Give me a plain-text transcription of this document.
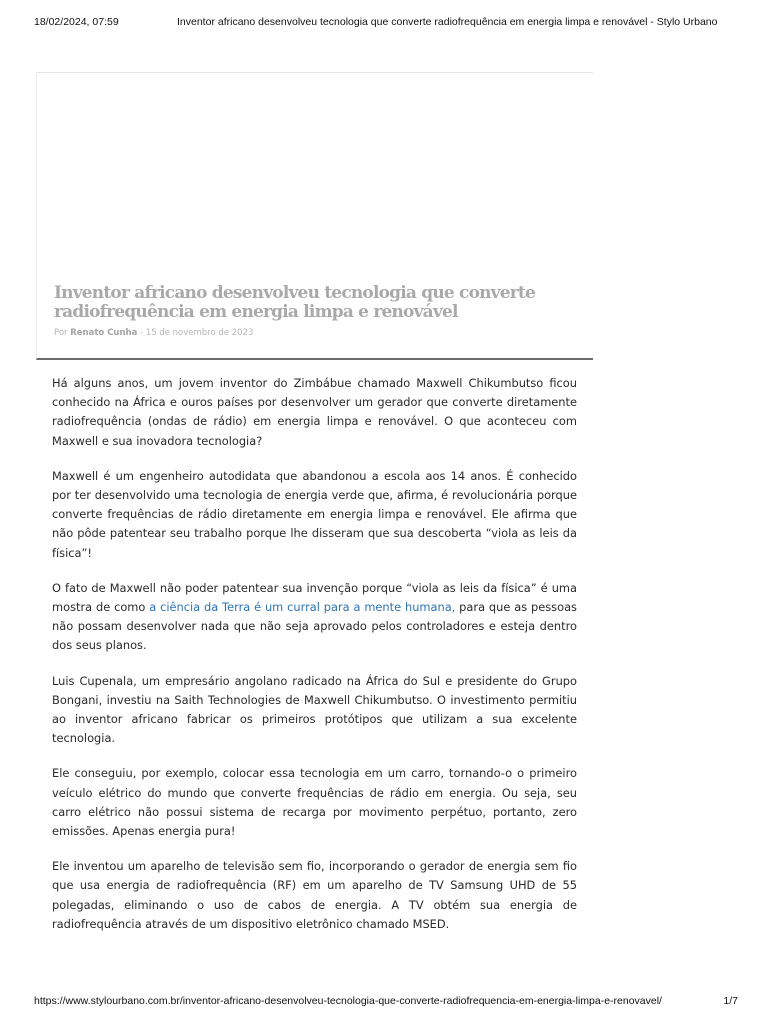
18/02/2024, 07:59	Inventor africano desenvolveu tecnologia que converte radiofrequência em energia limpa e renovável - Stylo Urbano
Inventor africano desenvolveu tecnologia que converte radiofrequência em energia limpa e renovável
Por Renato Cunha - 15 de novembro de 2023

Há alguns anos, um jovem inventor do Zimbábue chamado Maxwell Chikumbutso ficou conhecido na África e ouros países por desenvolver um gerador que converte diretamente radiofrequência (ondas de rádio) em energia limpa e renovável. O que aconteceu com Maxwell e sua inovadora tecnologia?

Maxwell é um engenheiro autodidata que abandonou a escola aos 14 anos. É conhecido por ter desenvolvido uma tecnologia de energia verde que, afirma, é revolucionária porque converte frequências de rádio diretamente em energia limpa e renovável. Ele afirma que não pôde patentear seu trabalho porque lhe disseram que sua descoberta “viola as leis da física”!

O fato de Maxwell não poder patentear sua invenção porque “viola as leis da física” é uma mostra de como a ciência da Terra é um curral para a mente humana, para que as pessoas não possam desenvolver nada que não seja aprovado pelos controladores e esteja dentro dos seus planos.

Luis Cupenala, um empresário angolano radicado na África do Sul e presidente do Grupo Bongani, investiu na Saith Technologies de Maxwell Chikumbutso. O investimento permitiu ao inventor africano fabricar os primeiros protótipos que utilizam a sua excelente tecnologia.

Ele conseguiu, por exemplo, colocar essa tecnologia em um carro, tornando-o o primeiro veículo elétrico do mundo que converte frequências de rádio em energia. Ou seja, seu carro elétrico não possui sistema de recarga por movimento perpétuo, portanto, zero emissões. Apenas energia pura!

Ele inventou um aparelho de televisão sem fio, incorporando o gerador de energia sem fio que usa energia de radiofrequência (RF) em um aparelho de TV Samsung UHD de 55 polegadas, eliminando o uso de cabos de energia. A TV obtém sua energia de radiofrequência através de um dispositivo eletrônico chamado MSED.

https://www.stylourbano.com.br/inventor-africano-desenvolveu-tecnologia-que-converte-radiofrequencia-em-energia-limpa-e-renovavel/	1/7
